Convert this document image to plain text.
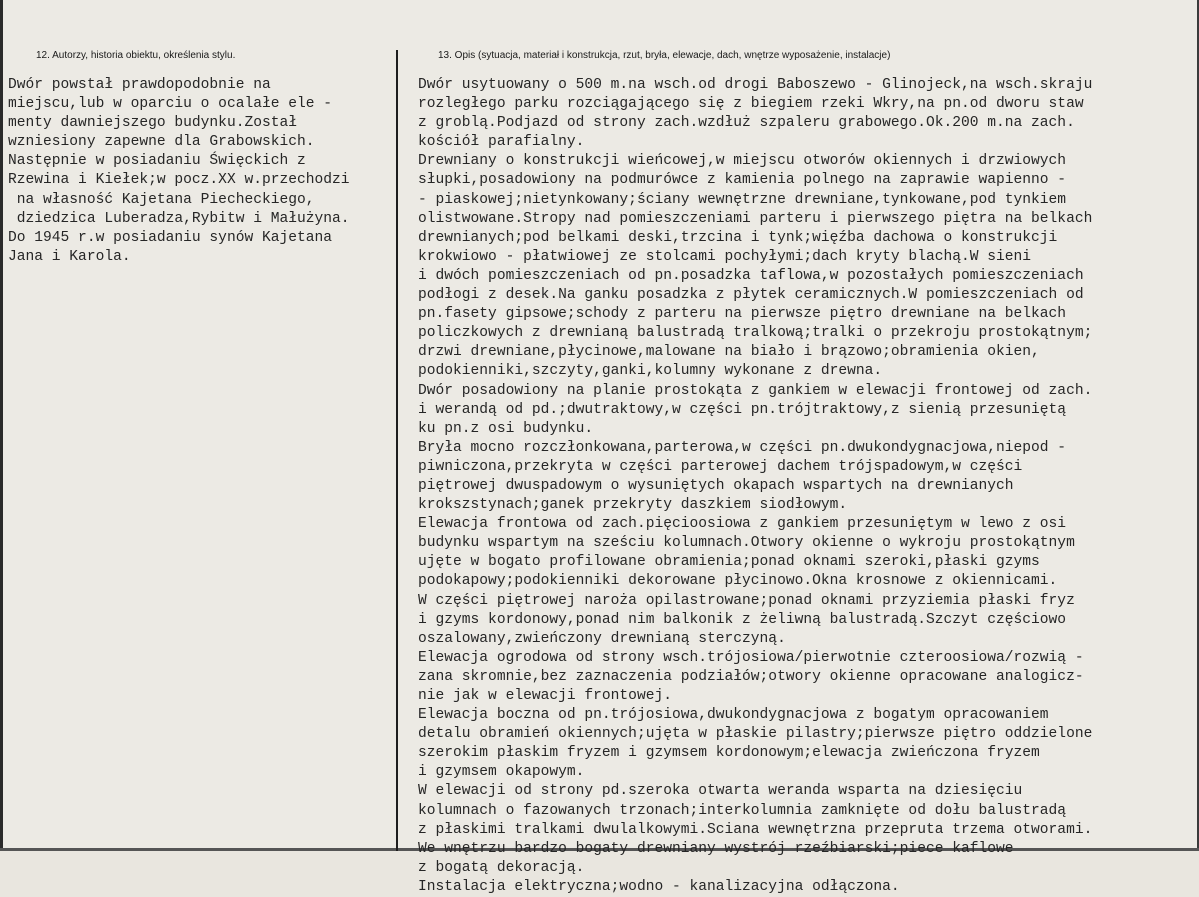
12. Autorzy, historia obiektu, określenia stylu.	13. Opis (sytuacja, materiał i konstrukcja, rzut, bryła, elewacje, dach, wnętrze wyposażenie, instalacje)
Dwór powstał prawdopodobnie na
miejscu,lub w oparciu o ocalałe ele -
menty dawniejszego budynku.Został
wzniesiony zapewne dla Grabowskich.
Następnie w posiadaniu Święckich z
Rzewina i Kiełek;w pocz.XX w.przechodzi
na własność Kajetana Piecheckiego,
dziedzica Luberadza,Rybitw i Małużyna.
Do 1945 r.w posiadaniu synów Kajetana
Jana i Karola.
Dwór usytuowany o 500 m.na wsch.od drogi Baboszewo - Glinojeck,na wsch.skraju
rozległego parku rozciągającego się z biegiem rzeki Wkry,na pn.od dworu staw
z groblą.Podjazd od strony zach.wzdłuż szpaleru grabowego.Ok.200 m.na zach.
kościół parafialny.
Drewniany o konstrukcji wieńcowej,w miejscu otworów okiennych i drzwiowych
słupki,posadowiony na podmurówce z kamienia polnego na zaprawie wapienno -
- piaskowej;nietynkowany;ściany wewnętrzne drewniane,tynkowane,pod tynkiem
olistwowane.Stropy nad pomieszczeniami parteru i pierwszego piętra na belkach
drewnianych;pod belkami deski,trzcina i tynk;więźba dachowa o konstrukcji
krokwiowo - płatwiowej ze stolcami pochyłymi;dach kryty blachą.W sieni
i dwóch pomieszczeniach od pn.posadzka taflowa,w pozostałych pomieszczeniach
podłogi z desek.Na ganku posadzka z płytek ceramicznych.W pomieszczeniach od
pn.fasety gipsowe;schody z parteru na pierwsze piętro drewniane na belkach
policzkowych z drewnianą balustradą tralkową;tralki o przekroju prostokątnym;
drzwi drewniane,płycinowe,malowane na biało i brązowo;obramienia okien,
podokienniki,szczyty,ganki,kolumny wykonane z drewna.
Dwór posadowiony na planie prostokąta z gankiem w elewacji frontowej od zach.
i werandą od pd.;dwutraktowy,w części pn.trójtraktowy,z sienią przesuniętą
ku pn.z osi budynku.
Bryła mocno rozczłonkowana,parterowa,w części pn.dwukondygnacjowa,niepod -
piwniczona,przekryta w części parterowej dachem trójspadowym,w części
piętrowej dwuspadowym o wysuniętych okapach wspartych na drewnianych
krokszstynach;ganek przekryty daszkiem siodłowym.
Elewacja frontowa od zach.pięcioosiowa z gankiem przesuniętym w lewo z osi
budynku wspartym na sześciu kolumnach.Otwory okienne o wykroju prostokątnym
ujęte w bogato profilowane obramienia;ponad oknami szeroki,płaski gzyms
podokapowy;podokienniki dekorowane płycinowo.Okna krosnowe z okiennicami.
W części piętrowej naroża opilastrowane;ponad oknami przyziemia płaski fryz
i gzyms kordonowy,ponad nim balkonik z żeliwną balustradą.Szczyt częściowo
oszalowany,zwieńczony drewnianą sterczyną.
Elewacja ogrodowa od strony wsch.trójosiowa/pierwotnie czteroosiowa/rozwią -
zana skromnie,bez zaznaczenia podziałów;otwory okienne opracowane analogicz-
nie jak w elewacji frontowej.
Elewacja boczna od pn.trójosiowa,dwukondygnacjowa z bogatym opracowaniem
detalu obramień okiennych;ujęta w płaskie pilastry;pierwsze piętro oddzielone
szerokim płaskim fryzem i gzymsem kordonowym;elewacja zwieńczona fryzem
i gzymsem okapowym.
W elewacji od strony pd.szeroka otwarta weranda wsparta na dziesięciu
kolumnach o fazowanych trzonach;interkolumnia zamknięte od dołu balustradą
z płaskimi tralkami dwulalkowymi.Sciana wewnętrzna przepruta trzema otworami.
We wnętrzu bardzo bogaty drewniany wystrój rzeźbiarski;piece kaflowe
z bogatą dekoracją.
Instalacja elektryczna;wodno - kanalizacyjna odłączona.
